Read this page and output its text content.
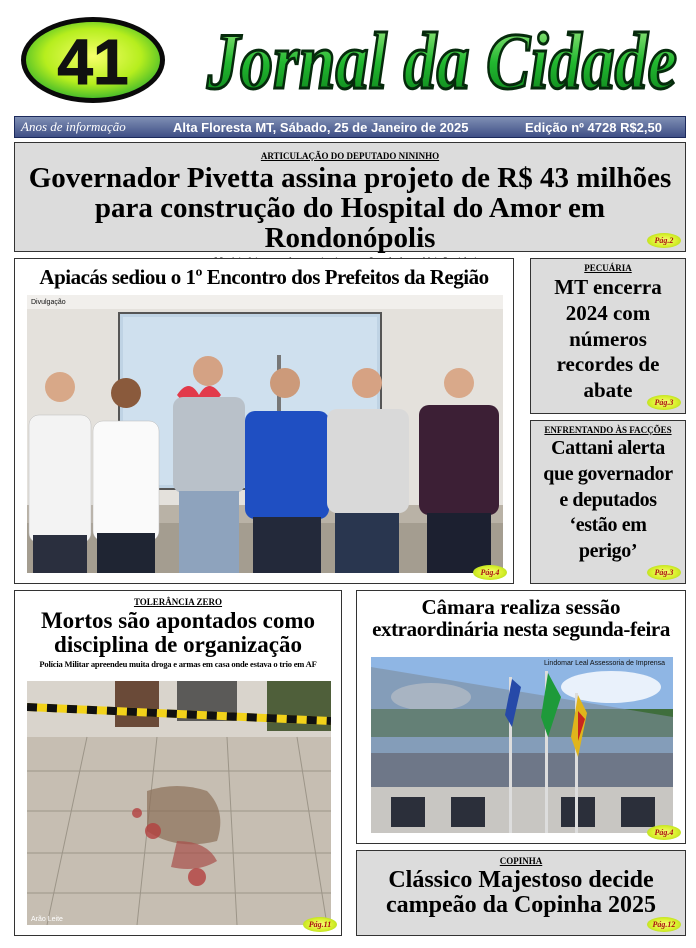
41 Jornal da Cidade
Anos de informação	Alta Floresta MT, Sábado, 25 de Janeiro de 2025	Edição nº 4728 R$2,50
ARTICULAÇÃO DO DEPUTADO NININHO
Governador Pivetta assina projeto de R$ 43 milhões
para construção do Hospital do Amor em Rondonópolis	Pág.2
Apiacás sediou o 1º Encontro dos Prefeitos da Região
Divulgação
Pág.4
PECUÁRIA
MT encerra
2024 com
números
recordes de
abate
Pág.3
ENFRENTANDO ÀS FACÇÕES
Cattani alerta
que governador
e deputados
‘estão em
perigo’
Pág.3
TOLERÂNCIA ZERO
Mortos são apontados como
disciplina de organização
Polícia Militar apreendeu muita droga e armas em casa onde estava o trio em AF
Arão Leite
Pág.11
Câmara realiza sessão
extraordinária nesta segunda-feira
Lindomar Leal Assessoria de Imprensa
Pág.4
COPINHA
Clássico Majestoso decide
campeão da Copinha 2025
Pág.12
